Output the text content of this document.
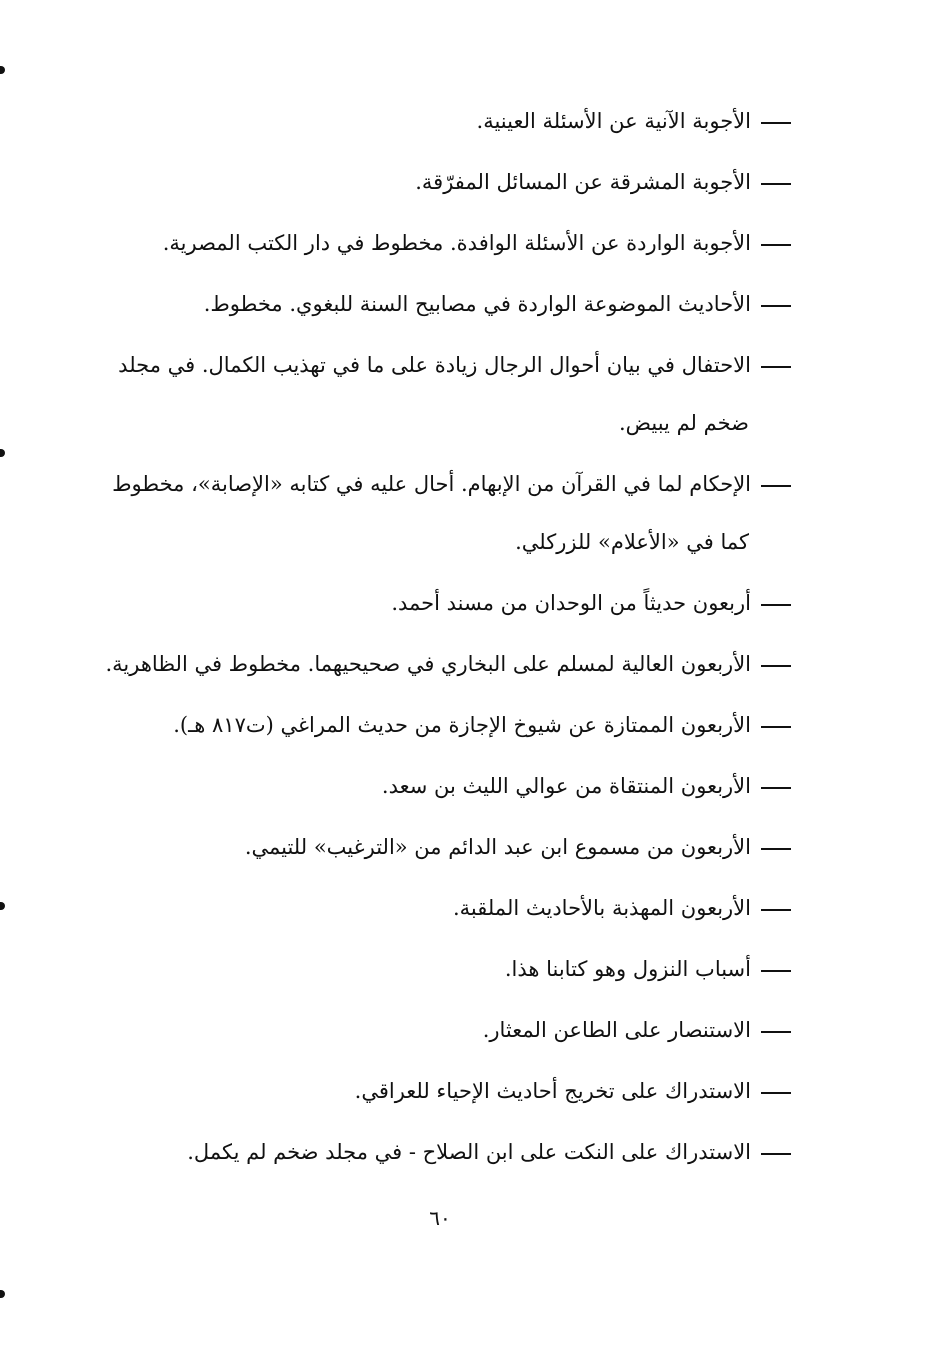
الأجوبة الآنية عن الأسئلة العينية.

الأجوبة المشرقة عن المسائل المفرّقة.

الأجوبة الواردة عن الأسئلة الوافدة. مخطوط في دار الكتب المصرية.

الأحاديث الموضوعة الواردة في مصابيح السنة للبغوي. مخطوط.

الاحتفال في بيان أحوال الرجال زيادة على ما في تهذيب الكمال. في مجلد ضخم لم يبيض.

الإحكام لما في القرآن من الإبهام. أحال عليه في كتابه «الإصابة»، مخطوط كما في «الأعلام» للزركلي.

أربعون حديثاً من الوحدان من مسند أحمد.

الأربعون العالية لمسلم على البخاري في صحيحيهما. مخطوط في الظاهرية.

الأربعون الممتازة عن شيوخ الإجازة من حديث المراغي (ت٨١٧ هـ).

الأربعون المنتقاة من عوالي الليث بن سعد.

الأربعون من مسموع ابن عبد الدائم من «الترغيب» للتيمي.

الأربعون المهذبة بالأحاديث الملقبة.

أسباب النزول وهو كتابنا هذا.

الاستنصار على الطاعن المعثار.

الاستدراك على تخريج أحاديث الإحياء للعراقي.

الاستدراك على النكت على ابن الصلاح - في مجلد ضخم لم يكمل.

٦٠
